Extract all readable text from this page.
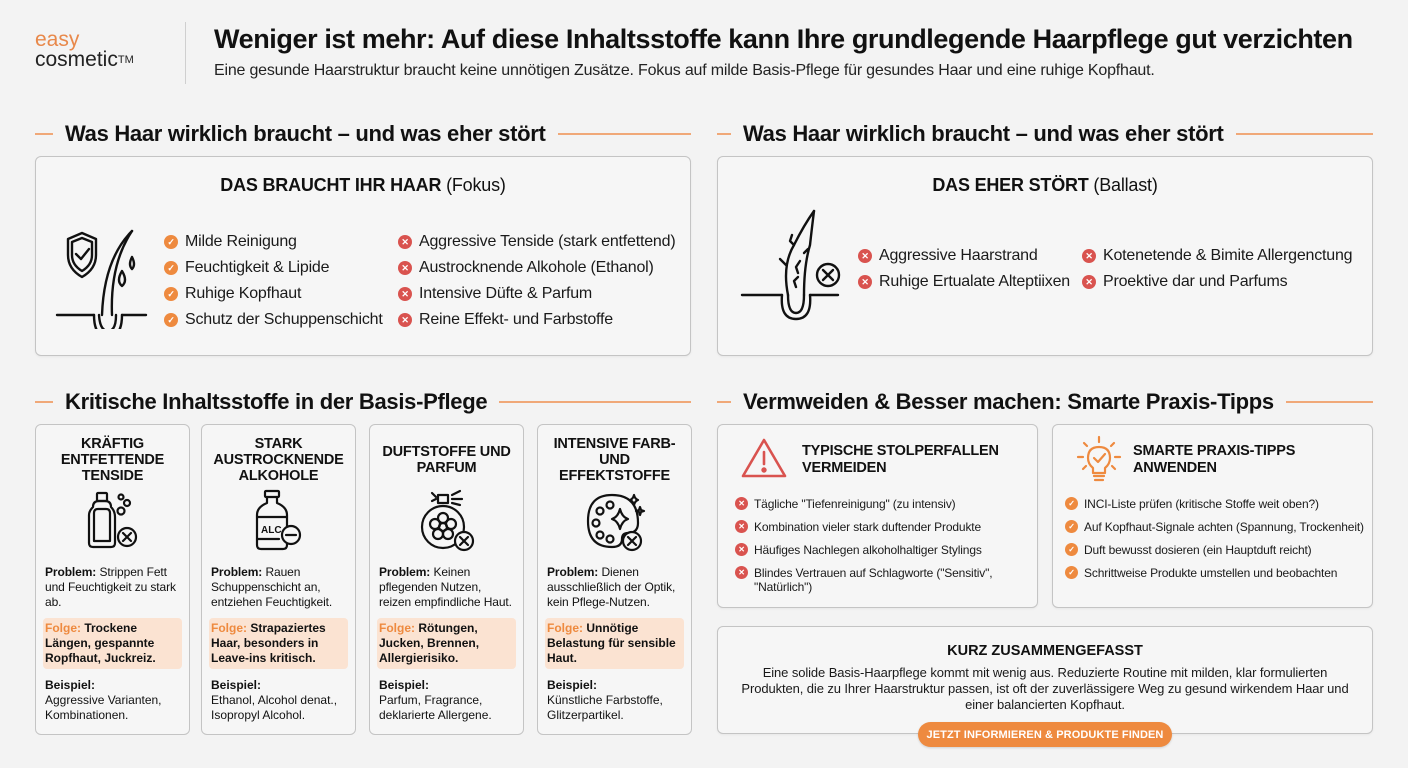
easy
cosmetic™
Weniger ist mehr: Auf diese Inhaltsstoffe kann Ihre grundlegende Haarpflege gut verzichten
Eine gesunde Haarstruktur braucht keine unnötigen Zusätze. Fokus auf milde Basis-Pflege für gesundes Haar und eine ruhige Kopfhaut.
Was Haar wirklich braucht – und was eher stört
DAS BRAUCHT IHR HAAR (Fokus)
✓ Milde Reinigung
✓ Feuchtigkeit & Lipide
✓ Ruhige Kopfhaut
✓ Schutz der Schuppenschicht
✕ Aggressive Tenside (stark entfettend)
✕ Austrocknende Alkohole (Ethanol)
✕ Intensive Düfte & Parfum
✕ Reine Effekt- und Farbstoffe
Was Haar wirklich braucht – und was eher stört
DAS EHER STÖRT (Ballast)
✕ Aggressive Haarstrand
✕ Ruhige Ertualate Alteptiixen
✕ Kotenetende & Bimite Allergenctung
✕ Proektive dar und Parfums
Kritische Inhaltsstoffe in der Basis-Pflege
KRÄFTIG ENTFETTENDE TENSIDE
Problem: Strippen Fett und Feuchtigkeit zu stark ab.
Folge: Trockene Längen, gespannte Ropfhaut, Juckreiz.
Beispiel:
Aggressive Varianten, Kombinationen.
STARK AUSTROCKNENDE ALKOHOLE
ALC
Problem: Rauen Schuppenschicht an, entziehen Feuchtigkeit.
Folge: Strapaziertes Haar, besonders in Leave-ins kritisch.
Beispiel:
Ethanol, Alcohol denat., Isopropyl Alcohol.
DUFTSTOFFE UND PARFUM
Problem: Keinen pflegenden Nutzen, reizen empfindliche Haut.
Folge: Rötungen, Jucken, Brennen, Allergierisiko.
Beispiel:
Parfum, Fragrance, deklarierte Allergene.
INTENSIVE FARB- UND EFFEKTSTOFFE
Problem: Dienen ausschließlich der Optik, kein Pflege-Nutzen.
Folge: Unnötige Belastung für sensible Haut.
Beispiel:
Künstliche Farbstoffe, Glitzerpartikel.
Vermweiden & Besser machen: Smarte Praxis-Tipps
TYPISCHE STOLPERFALLEN VERMEIDEN
✕ Tägliche "Tiefenreinigung" (zu intensiv)
✕ Kombination vieler stark duftender Produkte
✕ Häufiges Nachlegen alkoholhaltiger Stylings
✕ Blindes Vertrauen auf Schlagworte ("Sensitiv", "Natürlich")
SMARTE PRAXIS-TIPPS ANWENDEN
✓ INCI-Liste prüfen (kritische Stoffe weit oben?)
✓ Auf Kopfhaut-Signale achten (Spannung, Trockenheit)
✓ Duft bewusst dosieren (ein Hauptduft reicht)
✓ Schrittweise Produkte umstellen und beobachten
KURZ ZUSAMMENGEFASST

Eine solide Basis-Haarpflege kommt mit wenig aus. Reduzierte Routine mit milden, klar formulierten Produkten, die zu Ihrer Haarstruktur passen, ist oft der zuverlässigere Weg zu gesund wirkendem Haar und einer balancierten Kopfhaut.

JETZT INFORMIEREN & PRODUKTE FINDEN
